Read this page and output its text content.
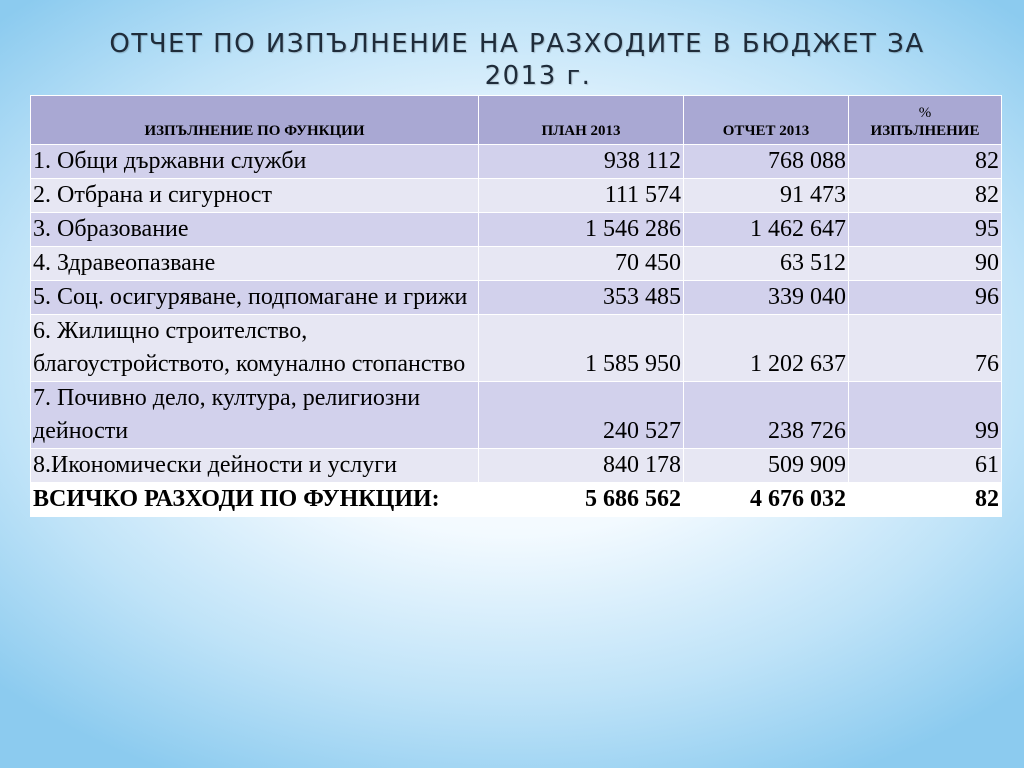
ОТЧЕТ ПО ИЗПЪЛНЕНИЕ НА РАЗХОДИТЕ В БЮДЖЕТ ЗА
2013 г.
ИЗПЪЛНЕНИЕ ПО ФУНКЦИИ	ПЛАН 2013	ОТЧЕТ 2013	%
ИЗПЪЛНЕНИЕ
1. Общи държавни служби	938 112	768 088	82
2. Отбрана и сигурност	111 574	91 473	82
3. Образование	1 546 286	1 462 647	95
4. Здравеопазване	70 450	63 512	90
5. Соц. осигуряване, подпомагане и грижи	353 485	339 040	96
6. Жилищно строителство, благоустройството, комунално стопанство	1 585 950	1 202 637	76
7. Почивно дело, култура, религиозни дейности	240 527	238 726	99
8.Икономически дейности и услуги	840 178	509 909	61
ВСИЧКО РАЗХОДИ ПО ФУНКЦИИ:	5 686 562	4 676 032	82
